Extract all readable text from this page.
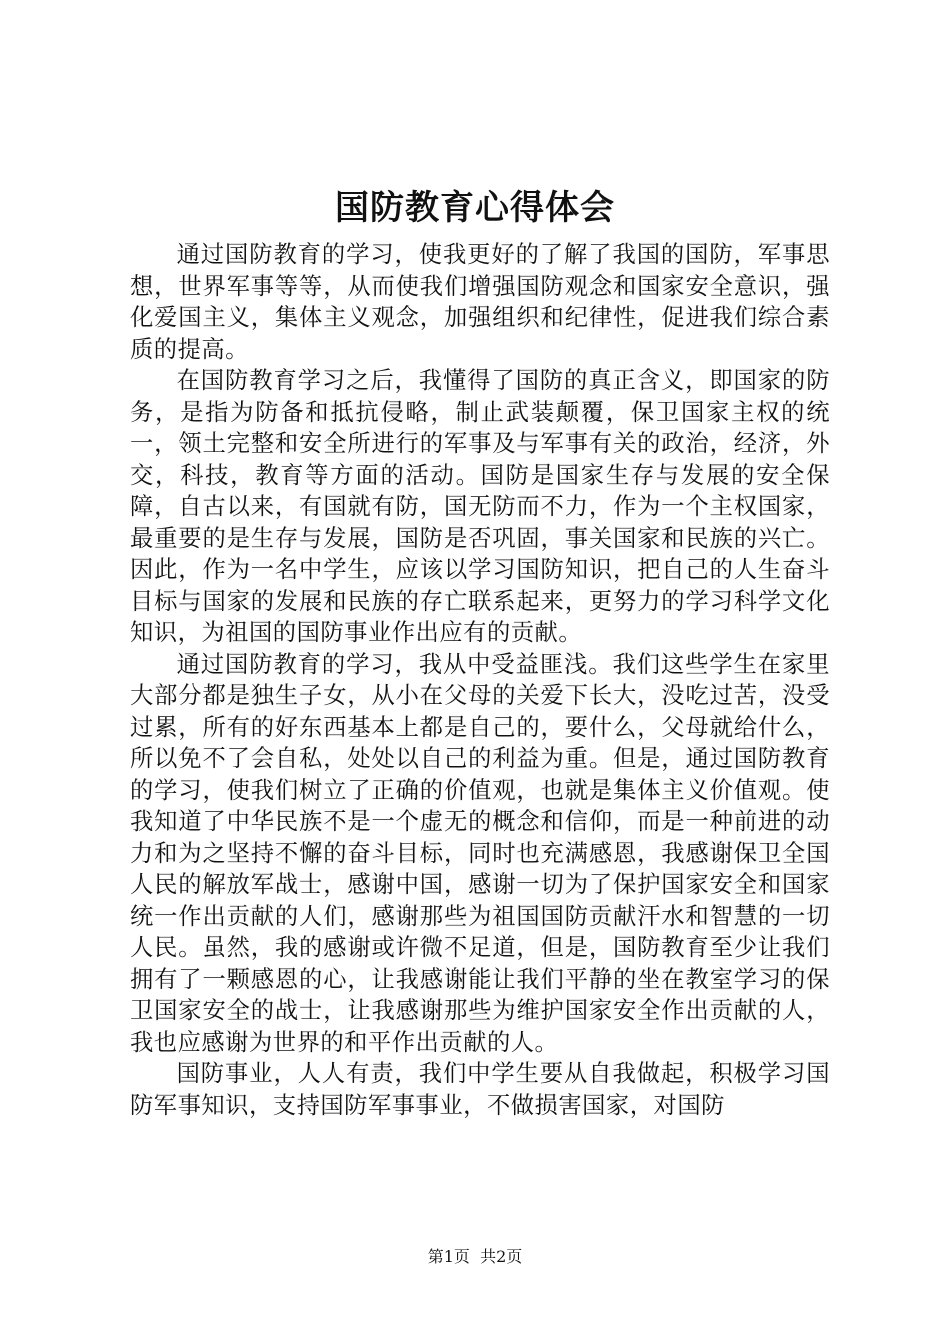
国防教育心得体会

通过国防教育的学习，使我更好的了解了我国的国防，军事思想，世界军事等等，从而使我们增强国防观念和国家安全意识，强化爱国主义，集体主义观念，加强组织和纪律性，促进我们综合素质的提高。

在国防教育学习之后，我懂得了国防的真正含义，即国家的防务，是指为防备和抵抗侵略，制止武装颠覆，保卫国家主权的统一，领土完整和安全所进行的军事及与军事有关的政治，经济，外交，科技，教育等方面的活动。国防是国家生存与发展的安全保障，自古以来，有国就有防，国无防而不力，作为一个主权国家，最重要的是生存与发展，国防是否巩固，事关国家和民族的兴亡。因此，作为一名中学生，应该以学习国防知识，把自己的人生奋斗目标与国家的发展和民族的存亡联系起来，更努力的学习科学文化知识，为祖国的国防事业作出应有的贡献。

通过国防教育的学习，我从中受益匪浅。我们这些学生在家里大部分都是独生子女，从小在父母的关爱下长大，没吃过苦，没受过累，所有的好东西基本上都是自己的，要什么，父母就给什么，所以免不了会自私，处处以自己的利益为重。但是，通过国防教育的学习，使我们树立了正确的价值观，也就是集体主义价值观。使我知道了中华民族不是一个虚无的概念和信仰，而是一种前进的动力和为之坚持不懈的奋斗目标，同时也充满感恩，我感谢保卫全国人民的解放军战士，感谢中国，感谢一切为了保护国家安全和国家统一作出贡献的人们，感谢那些为祖国国防贡献汗水和智慧的一切人民。虽然，我的感谢或许微不足道，但是，国防教育至少让我们拥有了一颗感恩的心，让我感谢能让我们平静的坐在教室学习的保卫国家安全的战士，让我感谢那些为维护国家安全作出贡献的人，我也应感谢为世界的和平作出贡献的人。

国防事业，人人有责，我们中学生要从自我做起，积极学习国防军事知识，支持国防军事事业，不做损害国家，对国防

第1页 共2页
